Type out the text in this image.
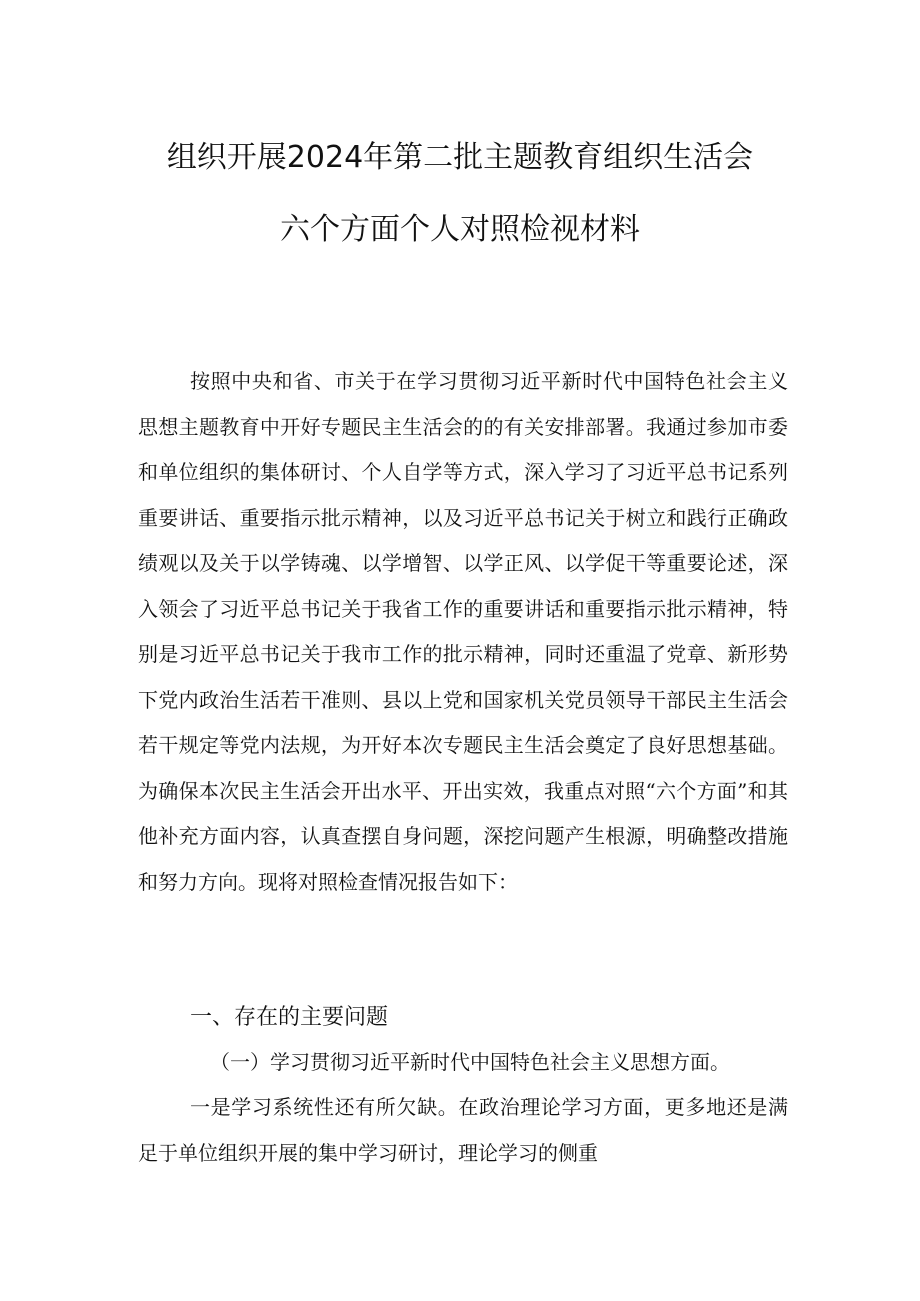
组织开展2024年第二批主题教育组织生活会
六个方面个人对照检视材料

按照中央和省、市关于在学习贯彻习近平新时代中国特色社会主义思想主题教育中开好专题民主生活会的的有关安排部署。我通过参加市委和单位组织的集体研讨、个人自学等方式，深入学习了习近平总书记系列重要讲话、重要指示批示精神，以及习近平总书记关于树立和践行正确政绩观以及关于以学铸魂、以学增智、以学正风、以学促干等重要论述，深入领会了习近平总书记关于我省工作的重要讲话和重要指示批示精神，特别是习近平总书记关于我市工作的批示精神，同时还重温了党章、新形势下党内政治生活若干准则、县以上党和国家机关党员领导干部民主生活会若干规定等党内法规，为开好本次专题民主生活会奠定了良好思想基础。为确保本次民主生活会开出水平、开出实效，我重点对照“六个方面”和其他补充方面内容，认真查摆自身问题，深挖问题产生根源，明确整改措施和努力方向。现将对照检查情况报告如下：

一、存在的主要问题

（一）学习贯彻习近平新时代中国特色社会主义思想方面。

一是学习系统性还有所欠缺。在政治理论学习方面，更多地还是满足于单位组织开展的集中学习研讨，理论学习的侧重
